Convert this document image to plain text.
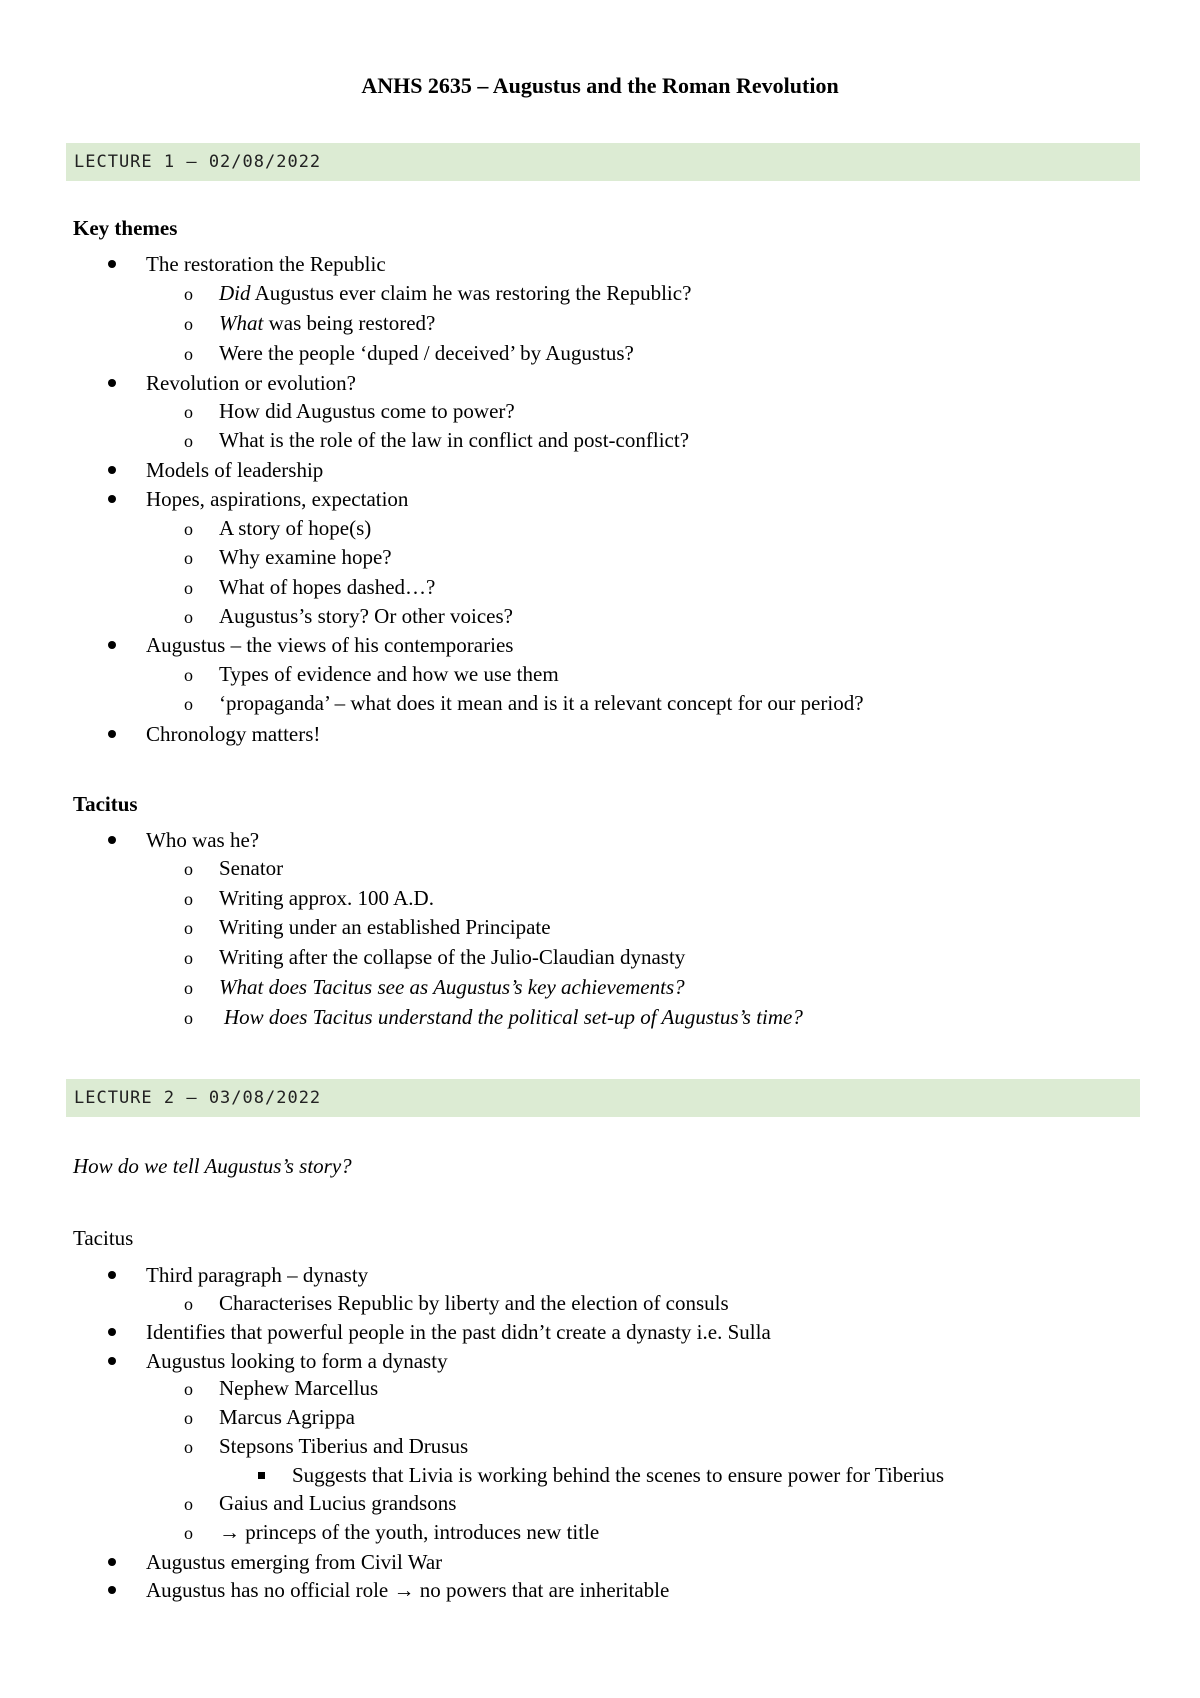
ANHS 2635 – Augustus and the Roman Revolution
LECTURE 1 – 02/08/2022
Key themes
The restoration the Republic
o Did Augustus ever claim he was restoring the Republic?
o What was being restored?
o Were the people ‘duped / deceived’ by Augustus?
Revolution or evolution?
o How did Augustus come to power?
o What is the role of the law in conflict and post-conflict?
Models of leadership
Hopes, aspirations, expectation
o A story of hope(s)
o Why examine hope?
o What of hopes dashed…?
o Augustus’s story? Or other voices?
Augustus – the views of his contemporaries
o Types of evidence and how we use them
o ‘propaganda’ – what does it mean and is it a relevant concept for our period?
Chronology matters!
Tacitus
Who was he?
o Senator
o Writing approx. 100 A.D.
o Writing under an established Principate
o Writing after the collapse of the Julio-Claudian dynasty
o What does Tacitus see as Augustus’s key achievements?
o How does Tacitus understand the political set-up of Augustus’s time?
LECTURE 2 – 03/08/2022
How do we tell Augustus’s story?
Tacitus
Third paragraph – dynasty
o Characterises Republic by liberty and the election of consuls
Identifies that powerful people in the past didn’t create a dynasty i.e. Sulla
Augustus looking to form a dynasty
o Nephew Marcellus
o Marcus Agrippa
o Stepsons Tiberius and Drusus
Suggests that Livia is working behind the scenes to ensure power for Tiberius
o Gaius and Lucius grandsons
o → princeps of the youth, introduces new title
Augustus emerging from Civil War
Augustus has no official role → no powers that are inheritable
